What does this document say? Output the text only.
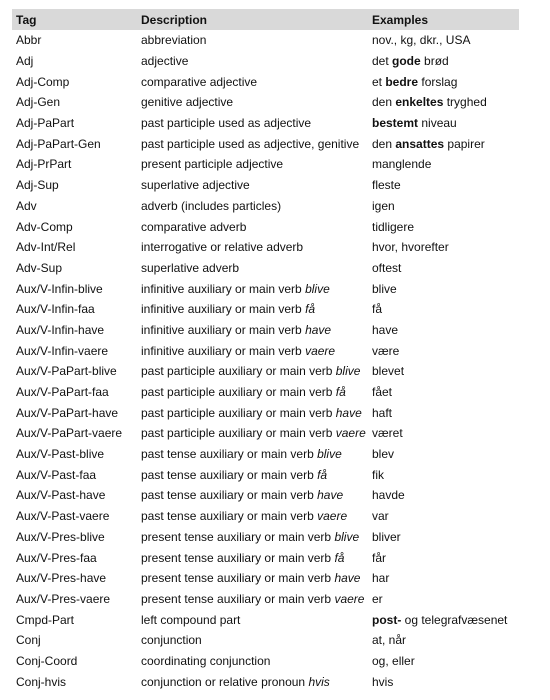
Tag	Description	Examples
Abbr	abbreviation	nov., kg, dkr., USA
Adj	adjective	det gode brød
Adj-Comp	comparative adjective	et bedre forslag
Adj-Gen	genitive adjective	den enkeltes tryghed
Adj-PaPart	past participle used as adjective	bestemt niveau
Adj-PaPart-Gen	past participle used as adjective, genitive	den ansattes papirer
Adj-PrPart	present participle adjective	manglende
Adj-Sup	superlative adjective	fleste
Adv	adverb (includes particles)	igen
Adv-Comp	comparative adverb	tidligere
Adv-Int/Rel	interrogative or relative adverb	hvor, hvorefter
Adv-Sup	superlative adverb	oftest
Aux/V-Infin-blive	infinitive auxiliary or main verb blive	blive
Aux/V-Infin-faa	infinitive auxiliary or main verb få	få
Aux/V-Infin-have	infinitive auxiliary or main verb have	have
Aux/V-Infin-vaere	infinitive auxiliary or main verb vaere	være
Aux/V-PaPart-blive	past participle auxiliary or main verb blive	blevet
Aux/V-PaPart-faa	past participle auxiliary or main verb få	fået
Aux/V-PaPart-have	past participle auxiliary or main verb have	haft
Aux/V-PaPart-vaere	past participle auxiliary or main verb vaere	været
Aux/V-Past-blive	past tense auxiliary or main verb blive	blev
Aux/V-Past-faa	past tense auxiliary or main verb få	fik
Aux/V-Past-have	past tense auxiliary or main verb have	havde
Aux/V-Past-vaere	past tense auxiliary or main verb vaere	var
Aux/V-Pres-blive	present tense auxiliary or main verb blive	bliver
Aux/V-Pres-faa	present tense auxiliary or main verb få	får
Aux/V-Pres-have	present tense auxiliary or main verb have	har
Aux/V-Pres-vaere	present tense auxiliary or main verb vaere	er
Cmpd-Part	left compound part	post- og telegrafvæsenet
Conj	conjunction	at, når
Conj-Coord	coordinating conjunction	og, eller
Conj-hvis	conjunction or relative pronoun hvis	hvis
